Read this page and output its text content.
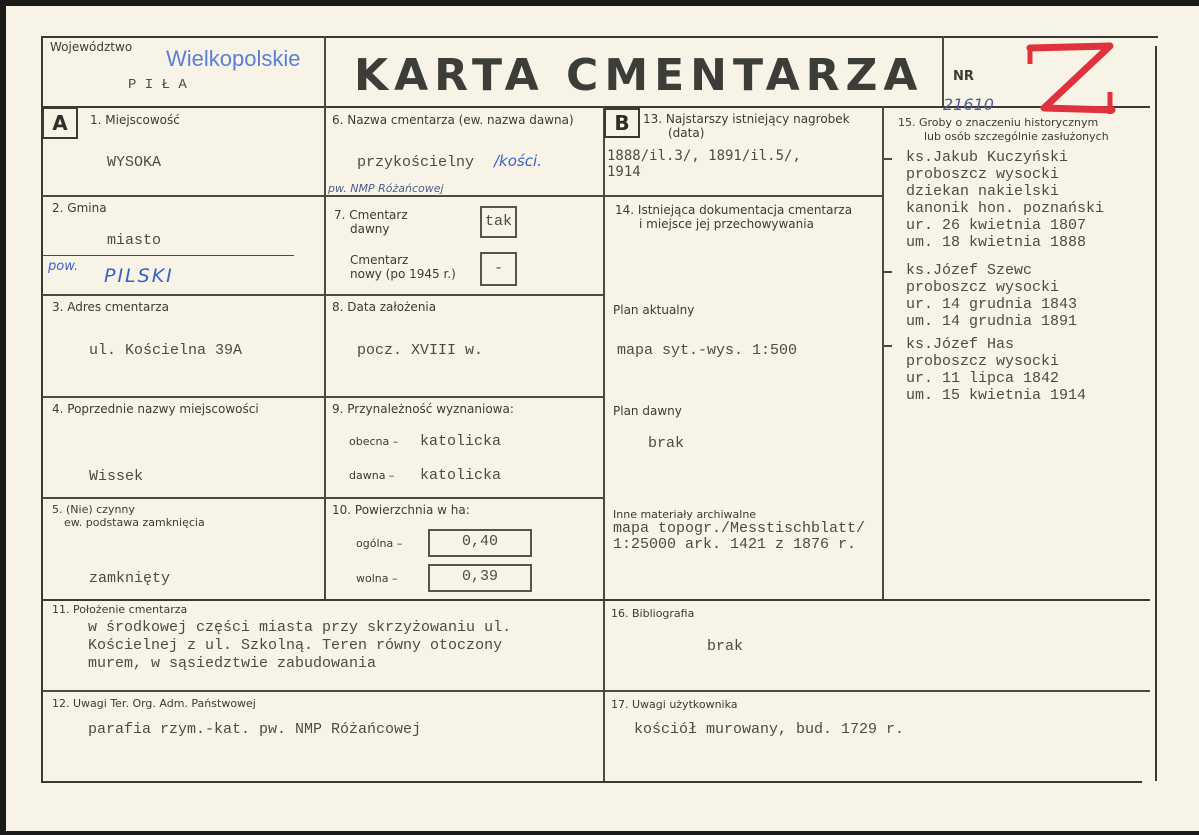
Województwo Wielkopolskie
P I Ł A	KARTA CMENTARZA NR
21610
A	1. Miejscowość
WYSOKA
2. Gmina
miasto
pow. PILSKI
3. Adres cmentarza
ul. Kościelna 39A
4. Poprzednie nazwy miejscowości
Wissek
5. (Nie) czynny
ew. podstawa zamknięcia
zamknięty
6. Nazwa cmentarza (ew. nazwa dawna)
przykościelny /kości.
pw. NMP Różańcowej
7. Cmentarz
dawny	tak
Cmentarz
nowy (po 1945 r.)	-
8. Data założenia
pocz. XVIII w.
9. Przynależność wyznaniowa:
obecna – katolicka
dawna – katolicka
10. Powierzchnia w ha:
ogólna –	0,40
wolna –	0,39
11. Położenie cmentarza
w środkowej części miasta przy skrzyżowaniu ul.
Kościelnej z ul. Szkolną. Teren równy otoczony
murem, w sąsiedztwie zabudowania
12. Uwagi Ter. Org. Adm. Państwowej
parafia rzym.-kat. pw. NMP Różańcowej
B	13. Najstarszy istniejący nagrobek
(data)
1888/il.3/, 1891/il.5/,
1914
14. Istniejąca dokumentacja cmentarza
i miejsce jej przechowywania
Plan aktualny
mapa syt.-wys. 1:500
Plan dawny
brak
Inne materiały archiwalne
mapa topogr./Messtischblatt/
1:25000 ark. 1421 z 1876 r.
15. Groby o znaczeniu historycznym
lub osób szczególnie zasłużonych
ks.Jakub Kuczyński
proboszcz wysocki
dziekan nakielski
kanonik hon. poznański
ur. 26 kwietnia 1807
um. 18 kwietnia 1888
ks.Józef Szewc
proboszcz wysocki
ur. 14 grudnia 1843
um. 14 grudnia 1891
ks.Józef Has
proboszcz wysocki
ur. 11 lipca 1842
um. 15 kwietnia 1914
16. Bibliografia
brak
17. Uwagi użytkownika
kościół murowany, bud. 1729 r.
